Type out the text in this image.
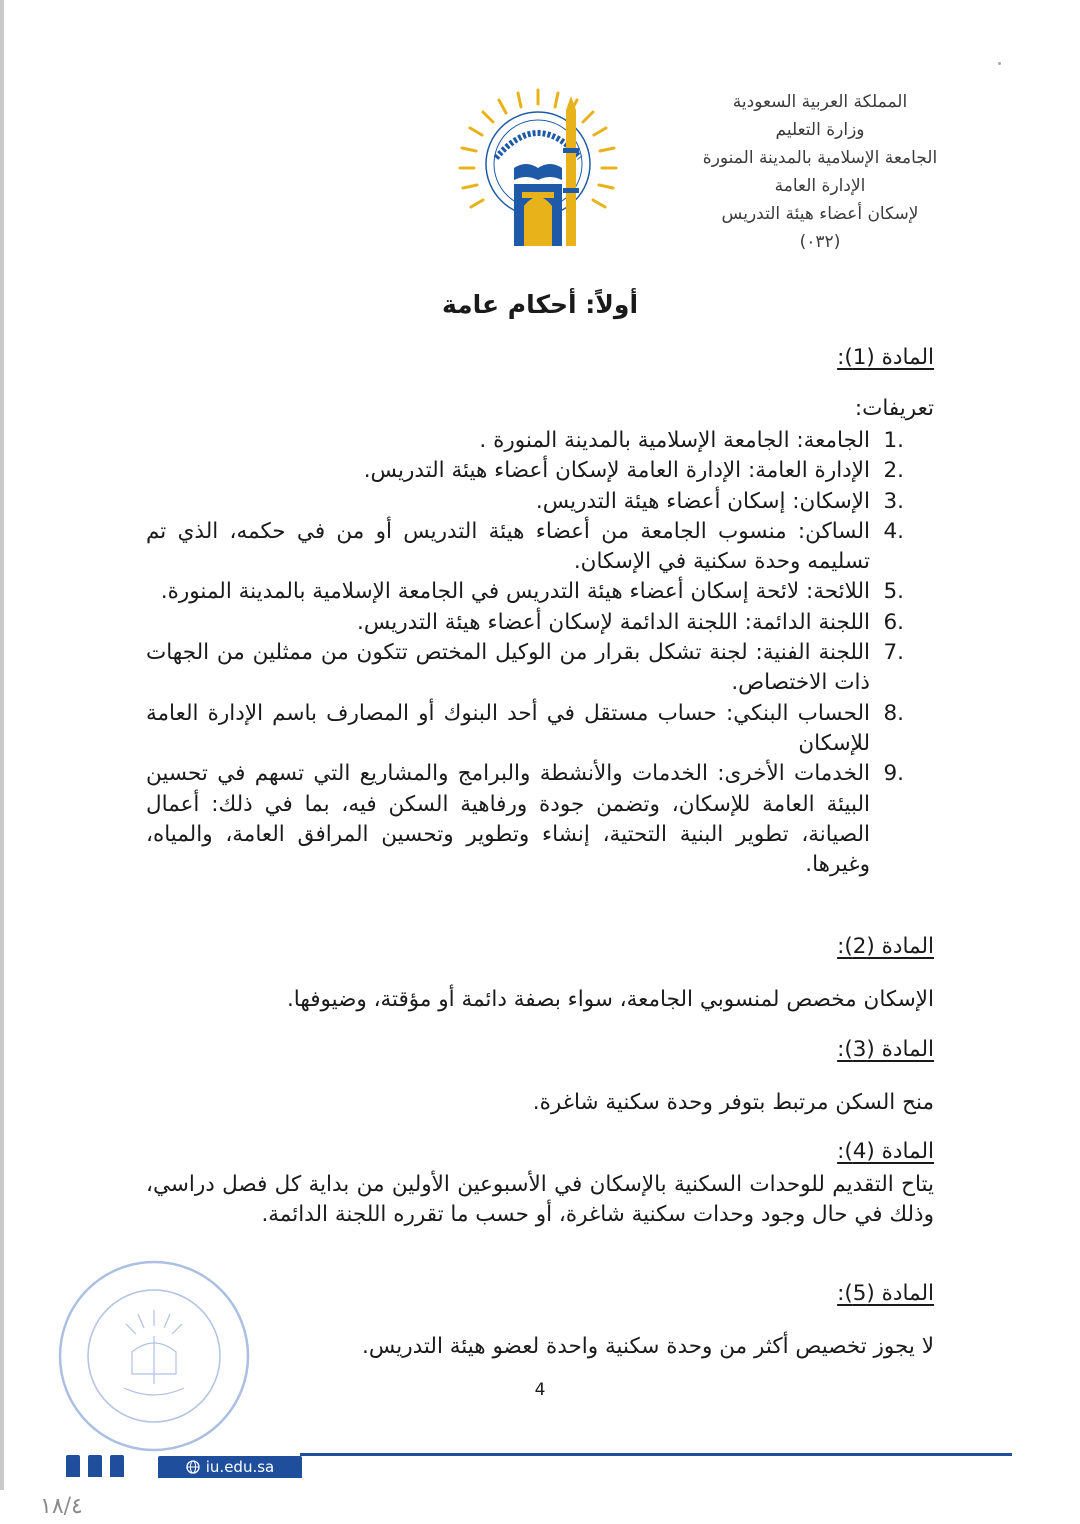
المملكة العربية السعودية
وزارة التعليم
الجامعة الإسلامية بالمدينة المنورة
الإدارة العامة
لإسكان أعضاء هيئة التدريس
(٠٣٢)
أولاً: أحكام عامة
المادة (1):
تعريفات:
.1
الجامعة: الجامعة الإسلامية بالمدينة المنورة .
.2
الإدارة العامة: الإدارة العامة لإسكان أعضاء هيئة التدريس.
.3
الإسكان: إسكان أعضاء هيئة التدريس.
.4
الساكن: منسوب الجامعة من أعضاء هيئة التدريس أو من في حكمه، الذي تم تسليمه وحدة سكنية في الإسكان.
.5
اللائحة: لائحة إسكان أعضاء هيئة التدريس في الجامعة الإسلامية بالمدينة المنورة.
.6
اللجنة الدائمة: اللجنة الدائمة لإسكان أعضاء هيئة التدريس.
.7
اللجنة الفنية: لجنة تشكل بقرار من الوكيل المختص تتكون من ممثلين من الجهات ذات الاختصاص.
.8
الحساب البنكي: حساب مستقل في أحد البنوك أو المصارف باسم الإدارة العامة للإسكان
.9
الخدمات الأخرى: الخدمات والأنشطة والبرامج والمشاريع التي تسهم في تحسين البيئة العامة للإسكان، وتضمن جودة ورفاهية السكن فيه، بما في ذلك: أعمال الصيانة، تطوير البنية التحتية، إنشاء وتطوير وتحسين المرافق العامة، والمياه، وغيرها.
المادة (2):
الإسكان مخصص لمنسوبي الجامعة، سواء بصفة دائمة أو مؤقتة، وضيوفها.
المادة (3):
منح السكن مرتبط بتوفر وحدة سكنية شاغرة.
المادة (4):
يتاح التقديم للوحدات السكنية بالإسكان في الأسبوعين الأولين من بداية كل فصل دراسي، وذلك في حال وجود وحدات سكنية شاغرة، أو حسب ما تقرره اللجنة الدائمة.
المادة (5):
لا يجوز تخصيص أكثر من وحدة سكنية واحدة لعضو هيئة التدريس.
4
iu.edu.sa
١٨/٤
